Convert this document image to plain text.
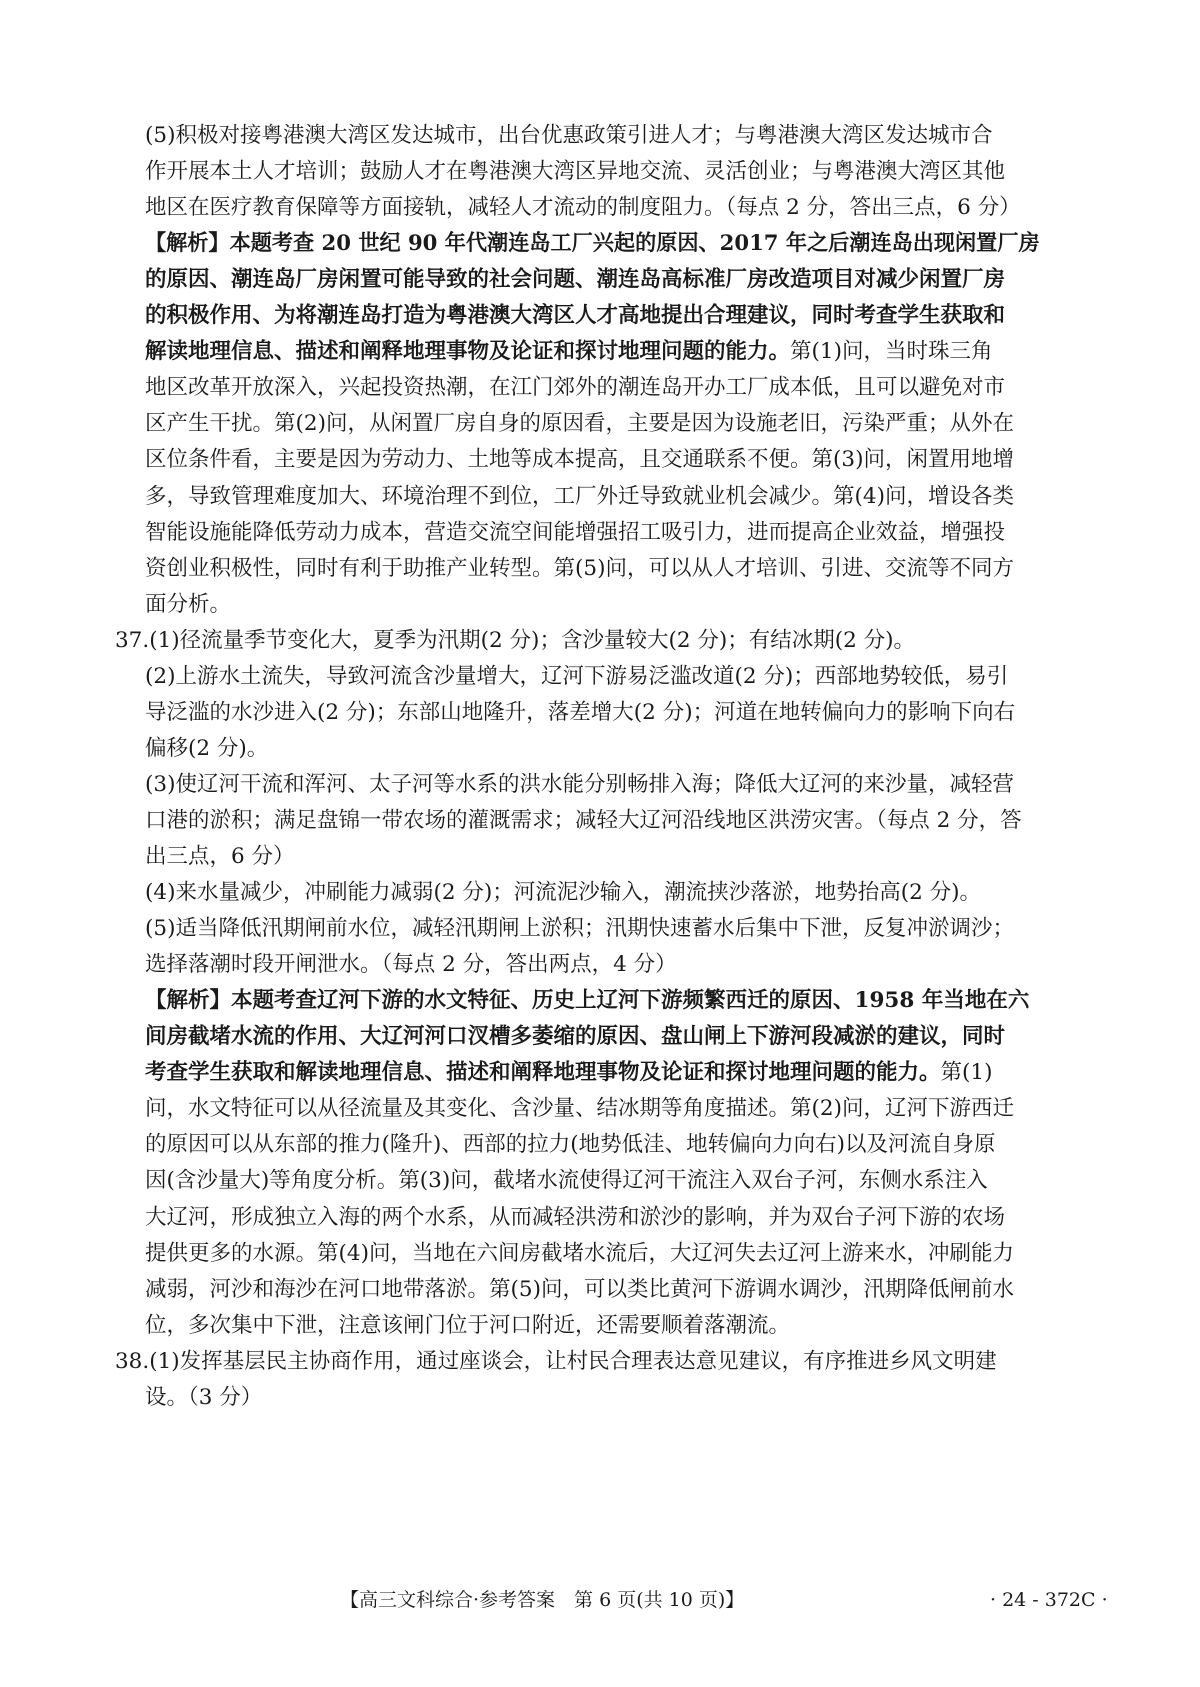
(5)积极对接粤港澳大湾区发达城市，出台优惠政策引进人才；与粤港澳大湾区发达城市合
作开展本土人才培训；鼓励人才在粤港澳大湾区异地交流、灵活创业；与粤港澳大湾区其他
地区在医疗教育保障等方面接轨，减轻人才流动的制度阻力。（每点 2 分，答出三点，6 分）
【解析】本题考查 20 世纪 90 年代潮连岛工厂兴起的原因、2017 年之后潮连岛出现闲置厂房
的原因、潮连岛厂房闲置可能导致的社会问题、潮连岛高标准厂房改造项目对减少闲置厂房
的积极作用、为将潮连岛打造为粤港澳大湾区人才高地提出合理建议，同时考查学生获取和
解读地理信息、描述和阐释地理事物及论证和探讨地理问题的能力。第(1)问，当时珠三角
地区改革开放深入，兴起投资热潮，在江门郊外的潮连岛开办工厂成本低，且可以避免对市
区产生干扰。第(2)问，从闲置厂房自身的原因看，主要是因为设施老旧，污染严重；从外在
区位条件看，主要是因为劳动力、土地等成本提高，且交通联系不便。第(3)问，闲置用地增
多，导致管理难度加大、环境治理不到位，工厂外迁导致就业机会减少。第(4)问，增设各类
智能设施能降低劳动力成本，营造交流空间能增强招工吸引力，进而提高企业效益，增强投
资创业积极性，同时有利于助推产业转型。第(5)问，可以从人才培训、引进、交流等不同方
面分析。
37.(1)径流量季节变化大，夏季为汛期(2 分)；含沙量较大(2 分)；有结冰期(2 分)。
(2)上游水土流失，导致河流含沙量增大，辽河下游易泛滥改道(2 分)；西部地势较低，易引
导泛滥的水沙进入(2 分)；东部山地隆升，落差增大(2 分)；河道在地转偏向力的影响下向右
偏移(2 分)。
(3)使辽河干流和浑河、太子河等水系的洪水能分别畅排入海；降低大辽河的来沙量，减轻营
口港的淤积；满足盘锦一带农场的灌溉需求；减轻大辽河沿线地区洪涝灾害。（每点 2 分，答
出三点，6 分）
(4)来水量减少，冲刷能力减弱(2 分)；河流泥沙输入，潮流挟沙落淤，地势抬高(2 分)。
(5)适当降低汛期闸前水位，减轻汛期闸上淤积；汛期快速蓄水后集中下泄，反复冲淤调沙；
选择落潮时段开闸泄水。（每点 2 分，答出两点，4 分）
【解析】本题考查辽河下游的水文特征、历史上辽河下游频繁西迁的原因、1958 年当地在六
间房截堵水流的作用、大辽河河口汊槽多萎缩的原因、盘山闸上下游河段减淤的建议，同时
考查学生获取和解读地理信息、描述和阐释地理事物及论证和探讨地理问题的能力。第(1)
问，水文特征可以从径流量及其变化、含沙量、结冰期等角度描述。第(2)问，辽河下游西迁
的原因可以从东部的推力(隆升)、西部的拉力(地势低洼、地转偏向力向右)以及河流自身原
因(含沙量大)等角度分析。第(3)问，截堵水流使得辽河干流注入双台子河，东侧水系注入
大辽河，形成独立入海的两个水系，从而减轻洪涝和淤沙的影响，并为双台子河下游的农场
提供更多的水源。第(4)问，当地在六间房截堵水流后，大辽河失去辽河上游来水，冲刷能力
减弱，河沙和海沙在河口地带落淤。第(5)问，可以类比黄河下游调水调沙，汛期降低闸前水
位，多次集中下泄，注意该闸门位于河口附近，还需要顺着落潮流。
38.(1)发挥基层民主协商作用，通过座谈会，让村民合理表达意见建议，有序推进乡风文明建
设。（3 分）
【高三文科综合·参考答案　第 6 页(共 10 页)】	· 24 - 372C ·
